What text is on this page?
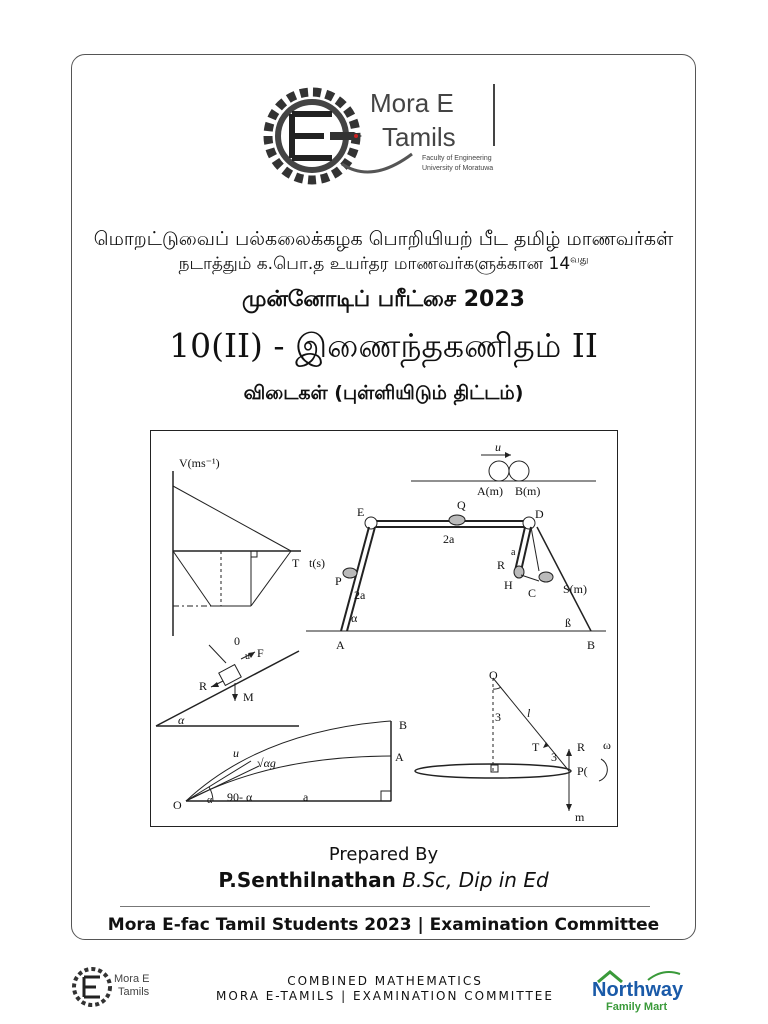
Mora E
Tamils
Faculty of Engineering
University of Moratuwa
மொறட்டுவைப் பல்கலைக்கழக பொறியியற் பீட தமிழ் மாணவர்கள்
நடாத்தும் க.பொ.த உயர்தர மாணவர்களுக்கான $14^{வது}$
முன்னோடிப் பரீட்சை 2023
10(II) - இணைந்தகணிதம் II
விடைகள் (புள்ளியிடும் திட்டம்)
V(ms⁻¹)
T t(s)
u
A(m) B(m)
E	Q
D
2a
a
R
H
P
2a	C S(m)
α	ß
A	B
0
u F
R
M
α	B
u
√αg	A
O	α 90- α	a
O
3 l
T
3
R ω
P(
m
Prepared By
P.Senthilnathan B.Sc, Dip in Ed
Mora E-fac Tamil Students 2023 | Examination Committee
Mora E
Tamils
COMBINED MATHEMATICS
MORA E-TAMILS | EXAMINATION COMMITTEE	Northway
Family Mart
